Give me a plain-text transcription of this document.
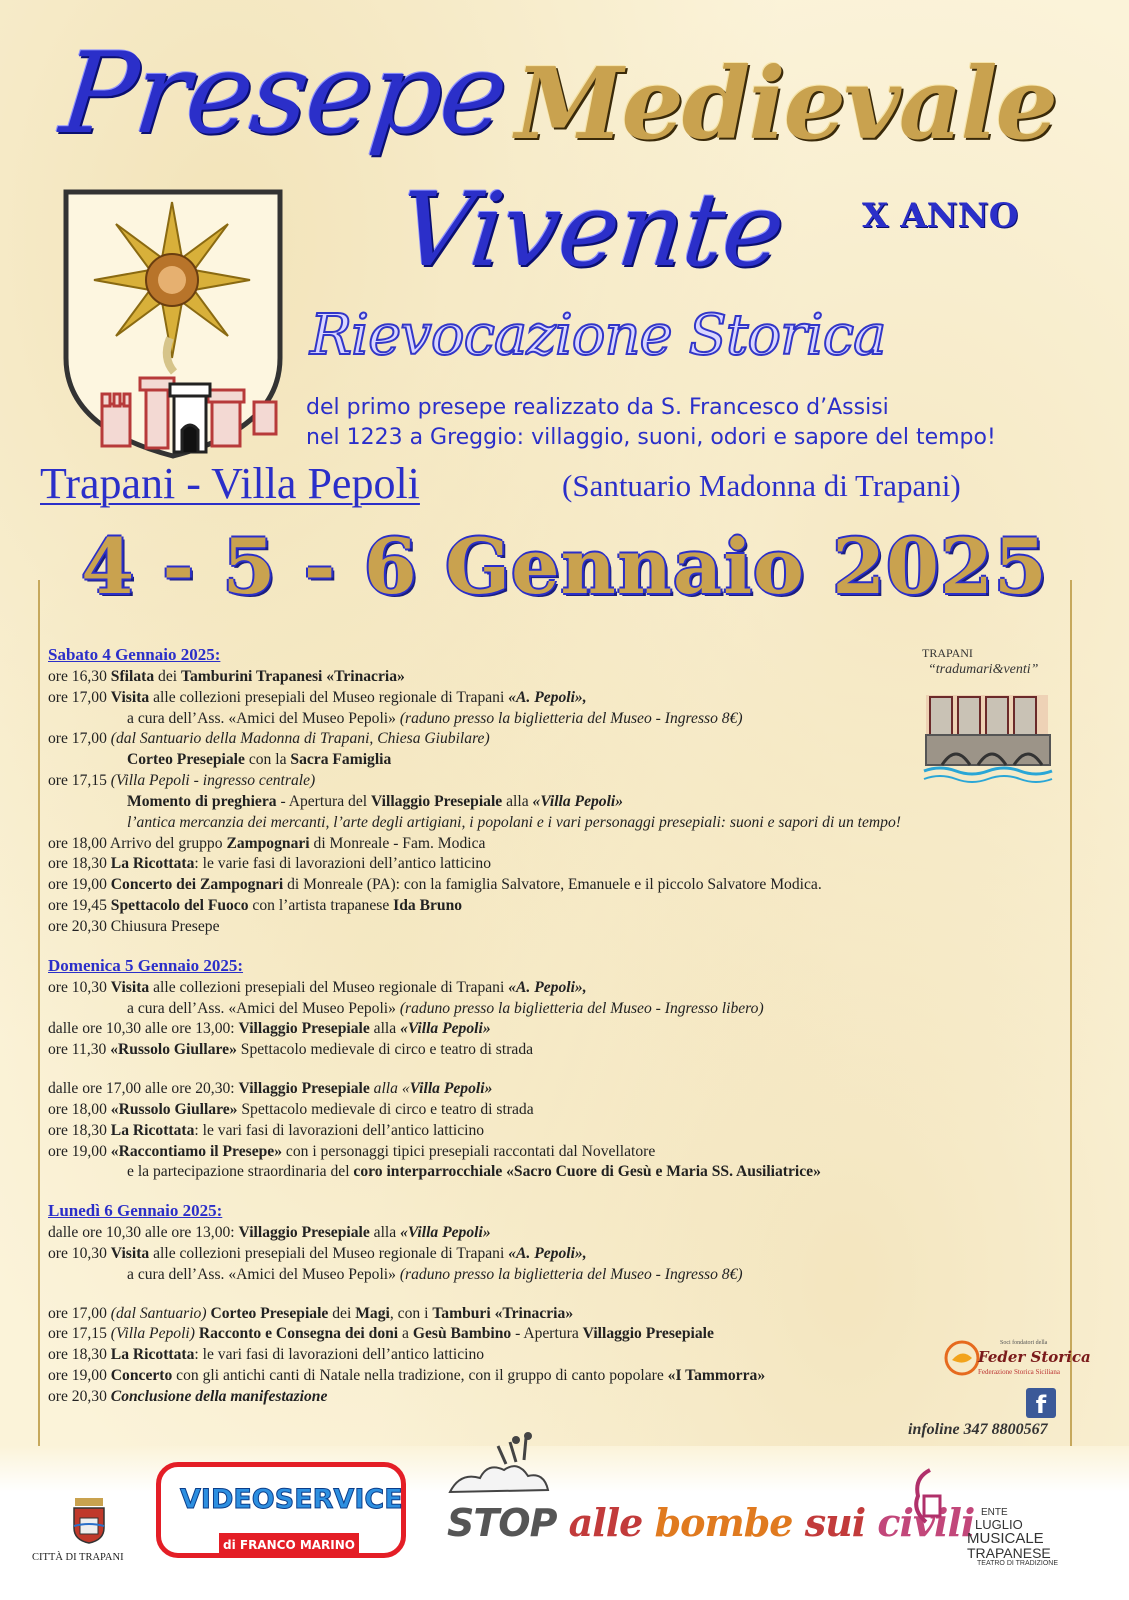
Presepe Medievale
Vivente X ANNO
Rievocazione Storica
del primo presepe realizzato da S. Francesco d’Assisi
nel 1223 a Greggio: villaggio, suoni, odori e sapore del tempo!
Trapani - Villa Pepoli	(Santuario Madonna di Trapani)
4 - 5 - 6 Gennaio 2025
Sabato 4 Gennaio 2025:
ore 16,30 Sfilata dei Tamburini Trapanesi «Trinacria»
ore 17,00 Visita alle collezioni presepiali del Museo regionale di Trapani «A. Pepoli»,
a cura dell’Ass. «Amici del Museo Pepoli» (raduno presso la biglietteria del Museo - Ingresso 8€)
ore 17,00 (dal Santuario della Madonna di Trapani, Chiesa Giubilare)
Corteo Presepiale con la Sacra Famiglia
ore 17,15 (Villa Pepoli - ingresso centrale)
Momento di preghiera - Apertura del Villaggio Presepiale alla «Villa Pepoli»
l’antica mercanzia dei mercanti, l’arte degli artigiani, i popolani e i vari personaggi presepiali: suoni e sapori di un tempo!
ore 18,00 Arrivo del gruppo Zampognari di Monreale - Fam. Modica
ore 18,30 La Ricottata: le varie fasi di lavorazioni dell’antico latticino
ore 19,00 Concerto dei Zampognari di Monreale (PA): con la famiglia Salvatore, Emanuele e il piccolo Salvatore Modica.
ore 19,45 Spettacolo del Fuoco con l’artista trapanese Ida Bruno
ore 20,30 Chiusura Presepe
Domenica 5 Gennaio 2025:
ore 10,30 Visita alle collezioni presepiali del Museo regionale di Trapani «A. Pepoli»,
a cura dell’Ass. «Amici del Museo Pepoli» (raduno presso la biglietteria del Museo - Ingresso libero)
dalle ore 10,30 alle ore 13,00: Villaggio Presepiale alla «Villa Pepoli»
ore 11,30 «Russolo Giullare» Spettacolo medievale di circo e teatro di strada
dalle ore 17,00 alle ore 20,30: Villaggio Presepiale alla «Villa Pepoli»
ore 18,00 «Russolo Giullare» Spettacolo medievale di circo e teatro di strada
ore 18,30 La Ricottata: le vari fasi di lavorazioni dell’antico latticino
ore 19,00 «Raccontiamo il Presepe» con i personaggi tipici presepiali raccontati dal Novellatore
e la partecipazione straordinaria del coro interparrocchiale «Sacro Cuore di Gesù e Maria SS. Ausiliatrice»
Lunedì 6 Gennaio 2025:
dalle ore 10,30 alle ore 13,00: Villaggio Presepiale alla «Villa Pepoli»
ore 10,30 Visita alle collezioni presepiali del Museo regionale di Trapani «A. Pepoli»,
a cura dell’Ass. «Amici del Museo Pepoli» (raduno presso la biglietteria del Museo - Ingresso 8€)
ore 17,00 (dal Santuario) Corteo Presepiale dei Magi, con i Tamburi «Trinacria»
ore 17,15 (Villa Pepoli) Racconto e Consegna dei doni a Gesù Bambino - Apertura Villaggio Presepiale
ore 18,30 La Ricottata: le vari fasi di lavorazioni dell’antico latticino
ore 19,00 Concerto con gli antichi canti di Natale nella tradizione, con il gruppo di canto popolare «I Tammorra»
ore 20,30 Conclusione della manifestazione
TRAPANI
“tradumari&venti”
Soci fondatori della
Feder Storica
Federazione Storica Siciliana
f
infoline 347 8800567
CITTÀ DI TRAPANI
VIDEOSERVICE
di FRANCO MARINO STOP alle bombe sui civili ENTE
LUGLIO
MUSICALE
TRAPANESE
TEATRO DI TRADIZIONE
